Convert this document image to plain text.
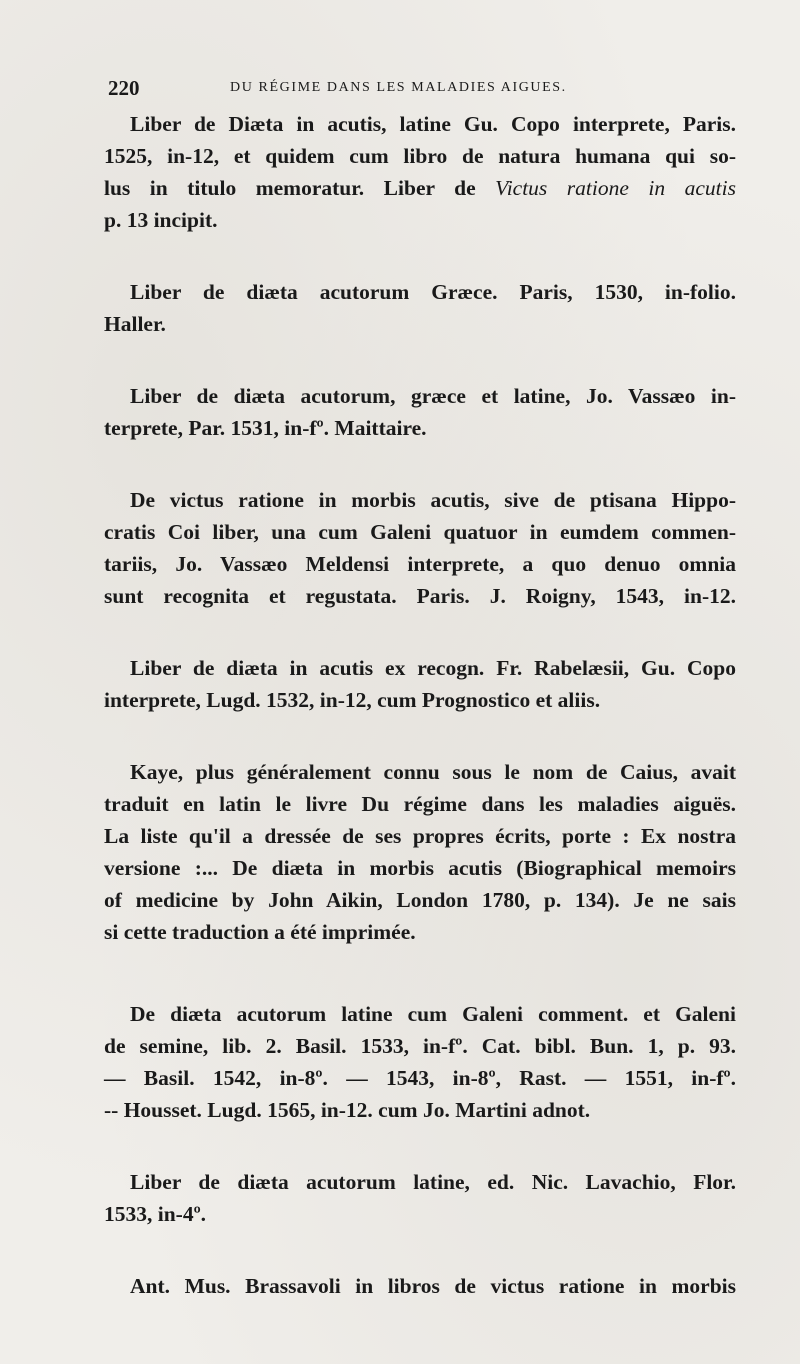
220	DU RÉGIME DANS LES MALADIES AIGUES.

Liber de Diæta in acutis, latine Gu. Copo interprete, Paris.
1525, in-12, et quidem cum libro de natura humana qui so-
lus in titulo memoratur. Liber de Victus ratione in acutis
p. 13 incipit.

Liber de diæta acutorum Græce. Paris, 1530, in-folio.
Haller.

Liber de diæta acutorum, græce et latine, Jo. Vassæo in-
terprete, Par. 1531, in-fº. Maittaire.

De victus ratione in morbis acutis, sive de ptisana Hippo-
cratis Coi liber, una cum Galeni quatuor in eumdem commen-
tariis, Jo. Vassæo Meldensi interprete, a quo denuo omnia
sunt recognita et regustata. Paris. J. Roigny, 1543, in-12.

Liber de diæta in acutis ex recogn. Fr. Rabelæsii, Gu. Copo
interprete, Lugd. 1532, in-12, cum Prognostico et aliis.

Kaye, plus généralement connu sous le nom de Caius, avait
traduit en latin le livre Du régime dans les maladies aiguës.
La liste qu'il a dressée de ses propres écrits, porte : Ex nostra
versione :... De diæta in morbis acutis (Biographical memoirs
of medicine by John Aikin, London 1780, p. 134). Je ne sais
si cette traduction a été imprimée.

De diæta acutorum latine cum Galeni comment. et Galeni
de semine, lib. 2. Basil. 1533, in-fº. Cat. bibl. Bun. 1, p. 93.
— Basil. 1542, in-8º. — 1543, in-8º, Rast. — 1551, in-fº.
-- Housset. Lugd. 1565, in-12. cum Jo. Martini adnot.

Liber de diæta acutorum latine, ed. Nic. Lavachio, Flor.
1533, in-4º.

Ant. Mus. Brassavoli in libros de victus ratione in morbis
